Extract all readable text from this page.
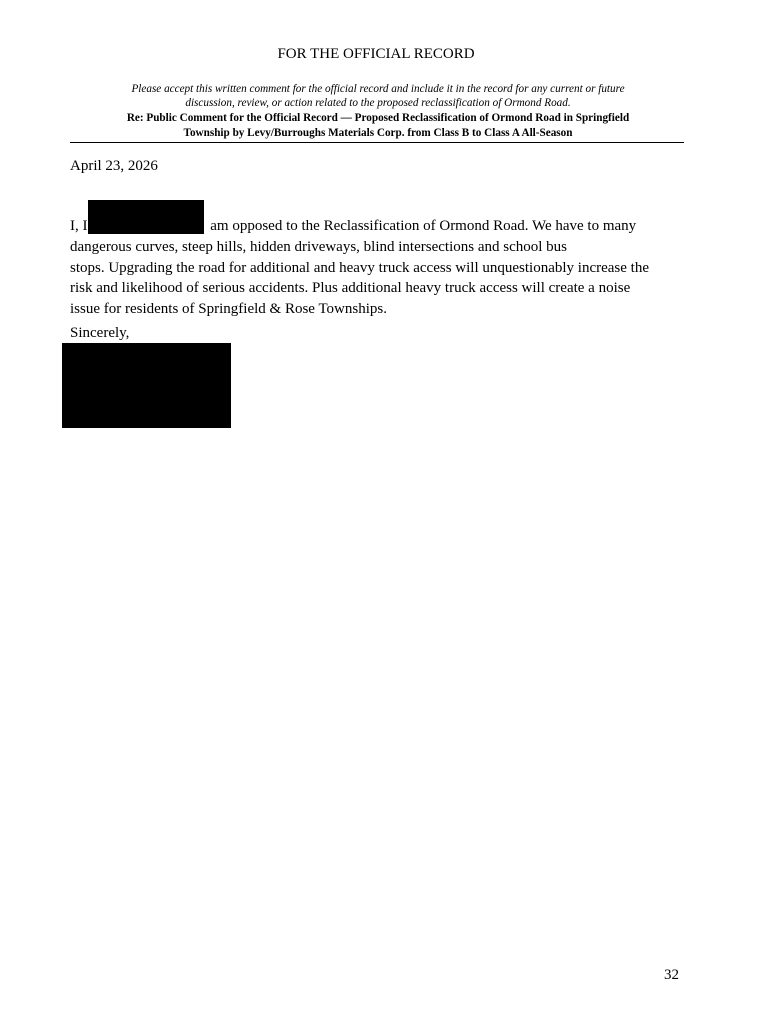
FOR THE OFFICIAL RECORD
Please accept this written comment for the official record and include it in the record for any current or future
discussion, review, or action related to the proposed reclassification of Ormond Road.
Re: Public Comment for the Official Record — Proposed Reclassification of Ormond Road in Springfield
Township by Levy/Burroughs Materials Corp. from Class B to Class A All-Season
April 23, 2026
I, I	am opposed to the Reclassification of Ormond Road. We have to many
dangerous curves, steep hills, hidden driveways, blind intersections and school bus
stops. Upgrading the road for additional and heavy truck access will unquestionably increase the
risk and likelihood of serious accidents. Plus additional heavy truck access will create a noise
issue for residents of Springfield & Rose Townships.
Sincerely,
32
